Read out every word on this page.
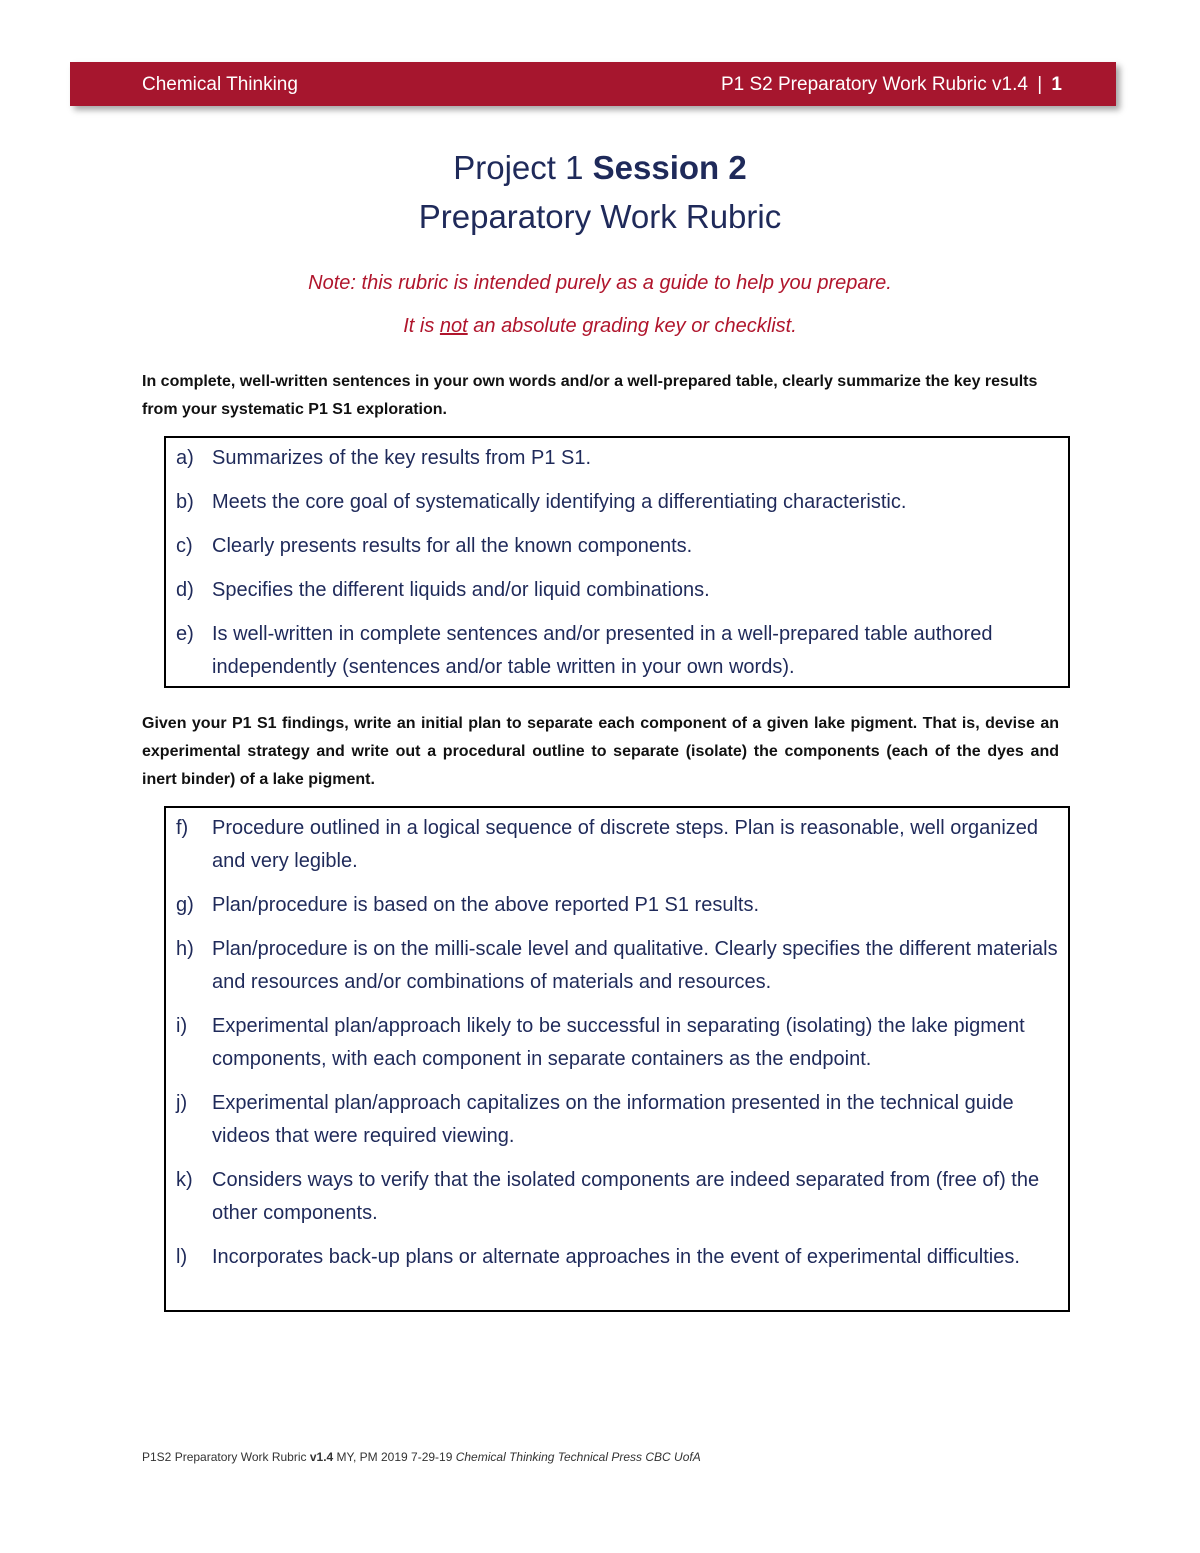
Chemical Thinking	P1 S2 Preparatory Work Rubric v1.4 | 1
Project 1 Session 2
Preparatory Work Rubric
Note: this rubric is intended purely as a guide to help you prepare.
It is not an absolute grading key or checklist.
In complete, well-written sentences in your own words and/or a well-prepared table, clearly summarize the key results from your systematic P1 S1 exploration.
a) Summarizes of the key results from P1 S1.
b) Meets the core goal of systematically identifying a differentiating characteristic.
c) Clearly presents results for all the known components.
d) Specifies the different liquids and/or liquid combinations.
e) Is well-written in complete sentences and/or presented in a well-prepared table authored independently (sentences and/or table written in your own words).
Given your P1 S1 findings, write an initial plan to separate each component of a given lake pigment. That is, devise an experimental strategy and write out a procedural outline to separate (isolate) the components (each of the dyes and inert binder) of a lake pigment.
f)	Procedure outlined in a logical sequence of discrete steps. Plan is reasonable, well organized and very legible.
g) Plan/procedure is based on the above reported P1 S1 results.
h) Plan/procedure is on the milli-scale level and qualitative. Clearly specifies the different materials and resources and/or combinations of materials and resources.
i)	Experimental plan/approach likely to be successful in separating (isolating) the lake pigment components, with each component in separate containers as the endpoint.
j)	Experimental plan/approach capitalizes on the information presented in the technical guide videos that were required viewing.
k) Considers ways to verify that the isolated components are indeed separated from (free of) the other components.
l)	Incorporates back-up plans or alternate approaches in the event of experimental difficulties.
P1S2 Preparatory Work Rubric v1.4 MY, PM 2019 7-29-19 Chemical Thinking Technical Press CBC UofA
